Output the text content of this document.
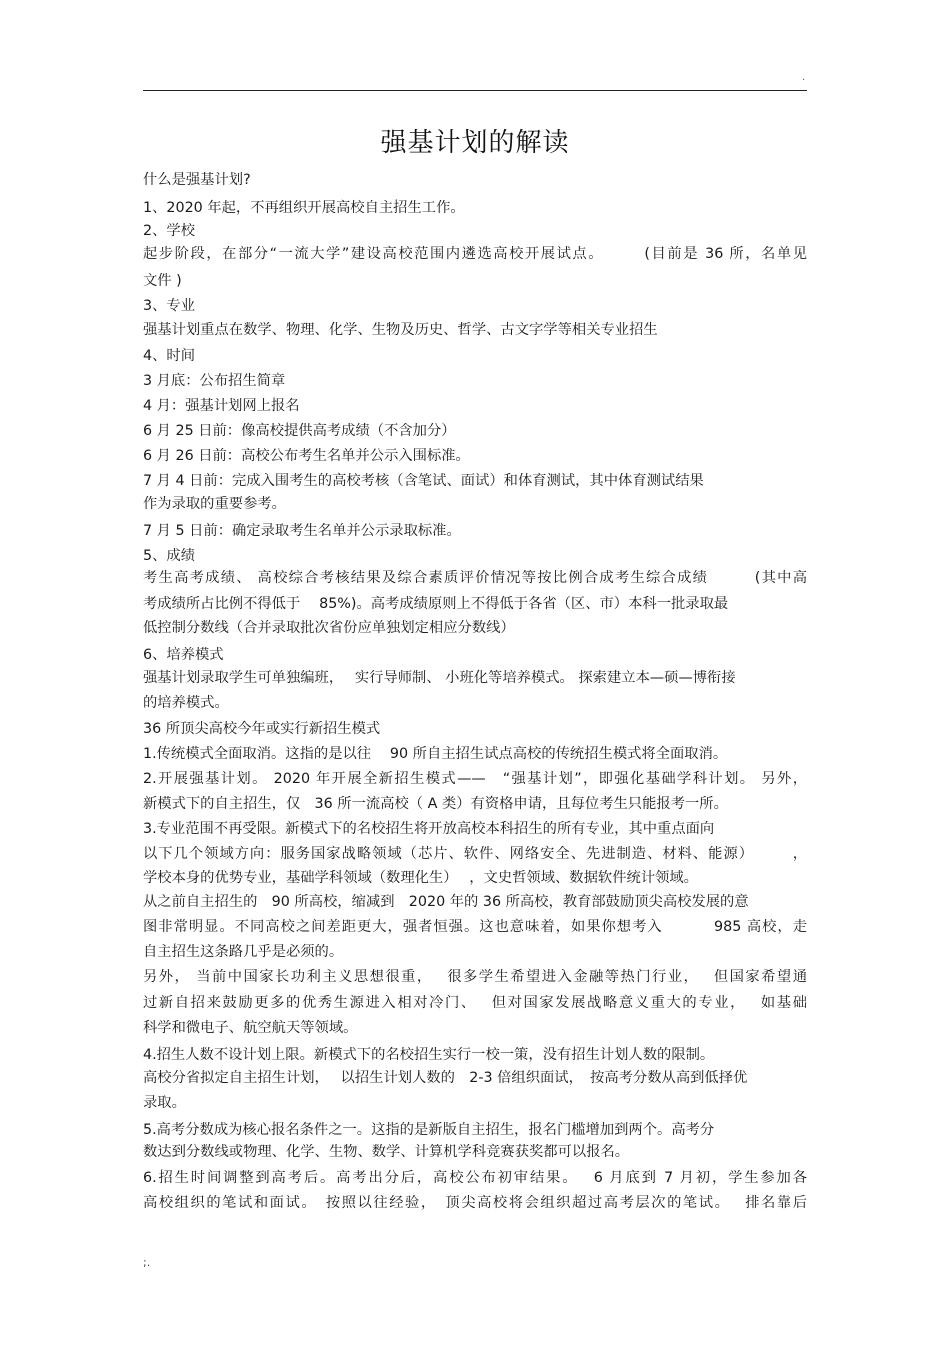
.
强基计划的解读
什么是强基计划?
1、2020 年起，不再组织开展高校自主招生工作。
2、学校
起步阶段，在部分“一流大学”建设高校范围内遴选高校开展试点。　　　(目前是 36 所，名单见
文件 )
3、专业
强基计划重点在数学、物理、化学、生物及历史、哲学、古文字学等相关专业招生
4、时间
3 月底：公布招生简章
4 月：强基计划网上报名
6 月 25 日前：像高校提供高考成绩（不含加分）
6 月 26 日前：高校公布考生名单并公示入围标准。
7 月 4 日前：完成入围考生的高校考核（含笔试、面试）和体育测试，其中体育测试结果
作为录取的重要参考。
7 月 5 日前：确定录取考生名单并公示录取标准。
5、成绩
考生高考成绩、 高校综合考核结果及综合素质评价情况等按比例合成考生综合成绩　　　(其中高
考成绩所占比例不得低于　 85%)。高考成绩原则上不得低于各省（区、市）本科一批录取最
低控制分数线（合并录取批次省份应单独划定相应分数线）
6、培养模式
强基计划录取学生可单独编班，　 实行导师制、 小班化等培养模式。 探索建立本—硕—博衔接
的培养模式。
36 所顶尖高校今年或实行新招生模式
1.传统模式全面取消。这指的是以往　 90 所自主招生试点高校的传统招生模式将全面取消。
2.开展强基计划。 2020 年开展全新招生模式——　“强基计划”，即强化基础学科计划。 另外，
新模式下的自主招生，仅　36 所一流高校（ A 类）有资格申请，且每位考生只能报考一所。
3.专业范围不再受限。新模式下的名校招生将开放高校本科招生的所有专业，其中重点面向
以下几个领域方向：服务国家战略领域（芯片、软件、网络安全、先进制造、材料、能源）　　　，
学校本身的优势专业，基础学科领域（数理化生）　 ，文史哲领域、数据软件统计领域。
从之前自主招生的　90 所高校，缩减到　2020 年的 36 所高校，教育部鼓励顶尖高校发展的意
图非常明显。不同高校之间差距更大，强者恒强。这也意味着，如果你想考入　　　 985 高校，走
自主招生这条路几乎是必须的。
另外， 当前中国家长功利主义思想很重，　 很多学生希望进入金融等热门行业，　 但国家希望通
过新自招来鼓励更多的优秀生源进入相对冷门、　 但对国家发展战略意义重大的专业，　 如基础
科学和微电子、航空航天等领域。
4.招生人数不设计划上限。新模式下的名校招生实行一校一策，没有招生计划人数的限制。
高校分省拟定自主招生计划，　 以招生计划人数的　2-3 倍组织面试，　按高考分数从高到低择优
录取。
5.高考分数成为核心报名条件之一。这指的是新版自主招生，报名门槛增加到两个。高考分
数达到分数线或物理、化学、生物、数学、计算机学科竞赛获奖都可以报名。
6.招生时间调整到高考后。高考出分后，高校公布初审结果。　 6 月底到 7 月初，学生参加各
高校组织的笔试和面试。　按照以往经验，　顶尖高校将会组织超过高考层次的笔试。　 排名靠后
;.
